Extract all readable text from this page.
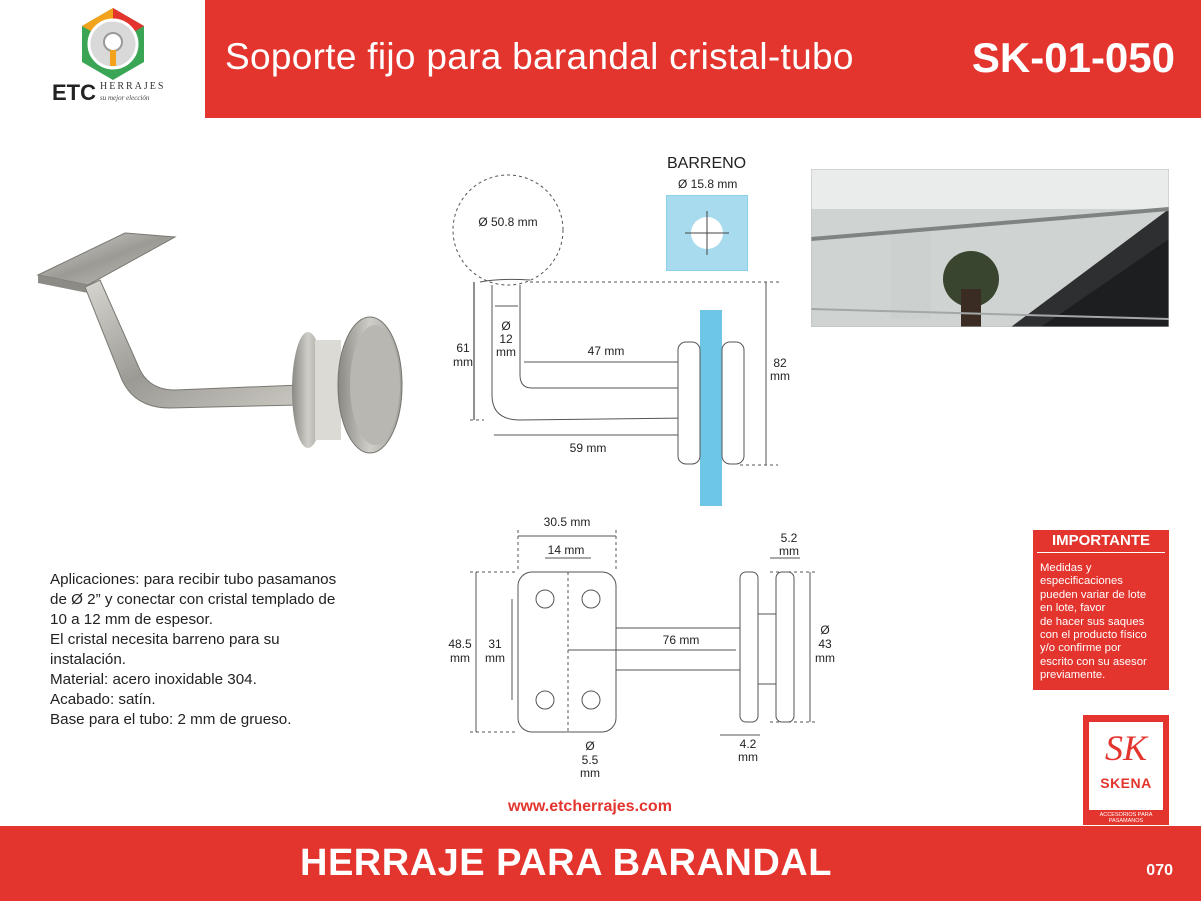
ETC HERRAJES
su mejor elección
Soporte fijo para barandal cristal-tubo	SK-01-050
BARRENO
Ø 15.8 mm
Ø 50.8 mm
61
mm
Ø
12
mm	47 mm
59 mm
82
mm
30.5 mm
14 mm
48.5
mm
31
mm
Ø
5.5
mm
76 mm
5.2
mm
4.2
mm
Ø
43
mm

Aplicaciones: para recibir tubo pasamanos

de Ø 2” y conectar con cristal templado de

10 a 12 mm de espesor.

El cristal necesita barreno para su

instalación.

Material: acero inoxidable 304.

Acabado: satín.

Base para el tubo: 2 mm de grueso.

IMPORTANTE
Medidas y
especificaciones
pueden variar de lote
en lote, favor
de hacer sus saques
con el producto físico
y/o confirme por
escrito con su asesor
previamente.
SK
SKENA
ACCESORIOS PARA PASAMANOS
www.etcherrajes.com
HERRAJE PARA BARANDAL	070
